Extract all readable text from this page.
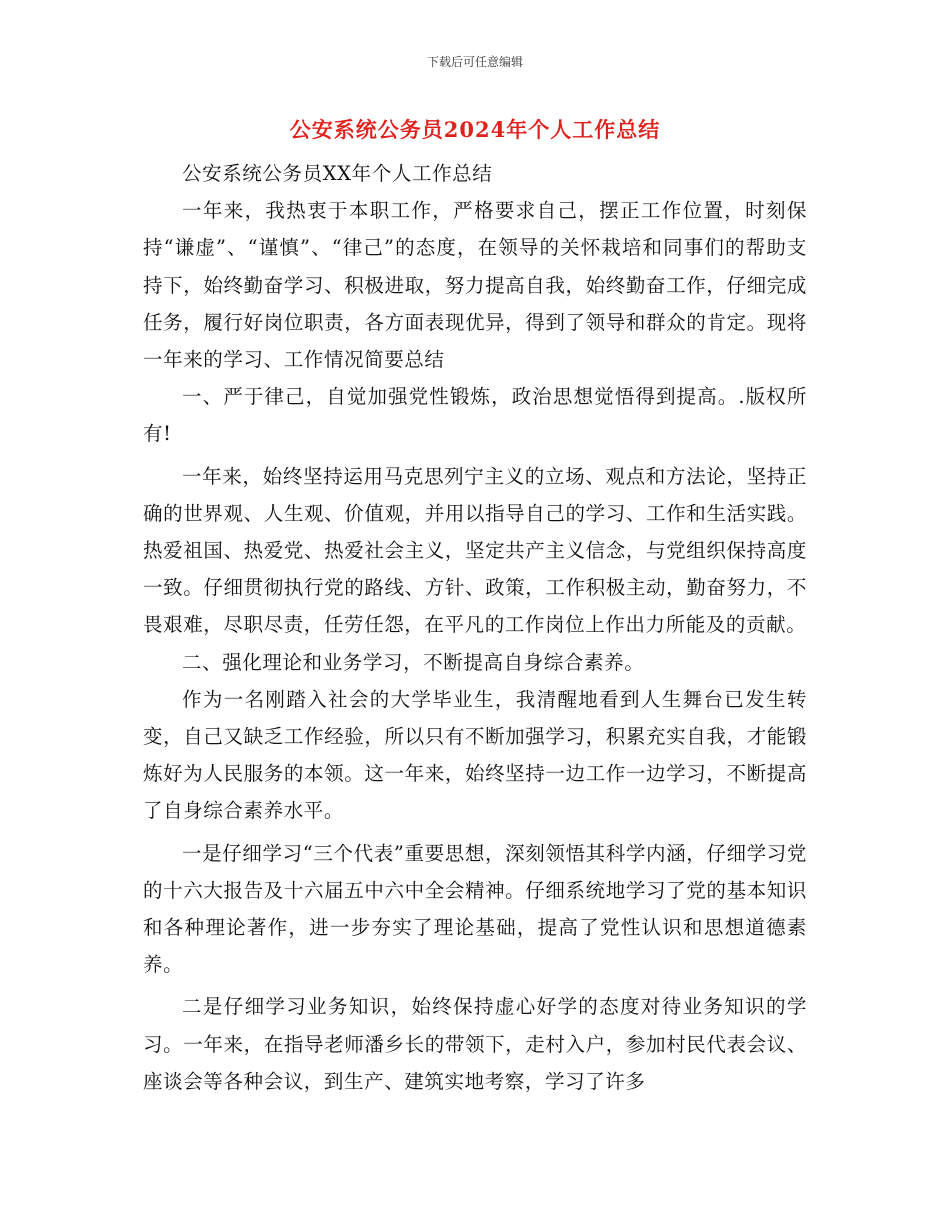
下载后可任意编辑
公安系统公务员2024年个人工作总结

公安系统公务员XX年个人工作总结

一年来，我热衷于本职工作，严格要求自己，摆正工作位置，时刻保持“谦虚”、“谨慎”、“律己”的态度，在领导的关怀栽培和同事们的帮助支持下，始终勤奋学习、积极进取，努力提高自我，始终勤奋工作，仔细完成任务，履行好岗位职责，各方面表现优异，得到了领导和群众的肯定。现将一年来的学习、工作情况简要总结

一、严于律己，自觉加强党性锻炼，政治思想觉悟得到提高。.版权所有!

一年来，始终坚持运用马克思列宁主义的立场、观点和方法论，坚持正确的世界观、人生观、价值观，并用以指导自己的学习、工作和生活实践。热爱祖国、热爱党、热爱社会主义，坚定共产主义信念，与党组织保持高度一致。仔细贯彻执行党的路线、方针、政策，工作积极主动，勤奋努力，不畏艰难，尽职尽责，任劳任怨，在平凡的工作岗位上作出力所能及的贡献。

二、强化理论和业务学习，不断提高自身综合素养。

作为一名刚踏入社会的大学毕业生，我清醒地看到人生舞台已发生转变，自己又缺乏工作经验，所以只有不断加强学习，积累充实自我，才能锻炼好为人民服务的本领。这一年来，始终坚持一边工作一边学习，不断提高了自身综合素养水平。

一是仔细学习“三个代表”重要思想，深刻领悟其科学内涵，仔细学习党的十六大报告及十六届五中六中全会精神。仔细系统地学习了党的基本知识和各种理论著作，进一步夯实了理论基础，提高了党性认识和思想道德素养。

二是仔细学习业务知识，始终保持虚心好学的态度对待业务知识的学习。一年来，在指导老师潘乡长的带领下，走村入户，参加村民代表会议、座谈会等各种会议，到生产、建筑实地考察，学习了许多
